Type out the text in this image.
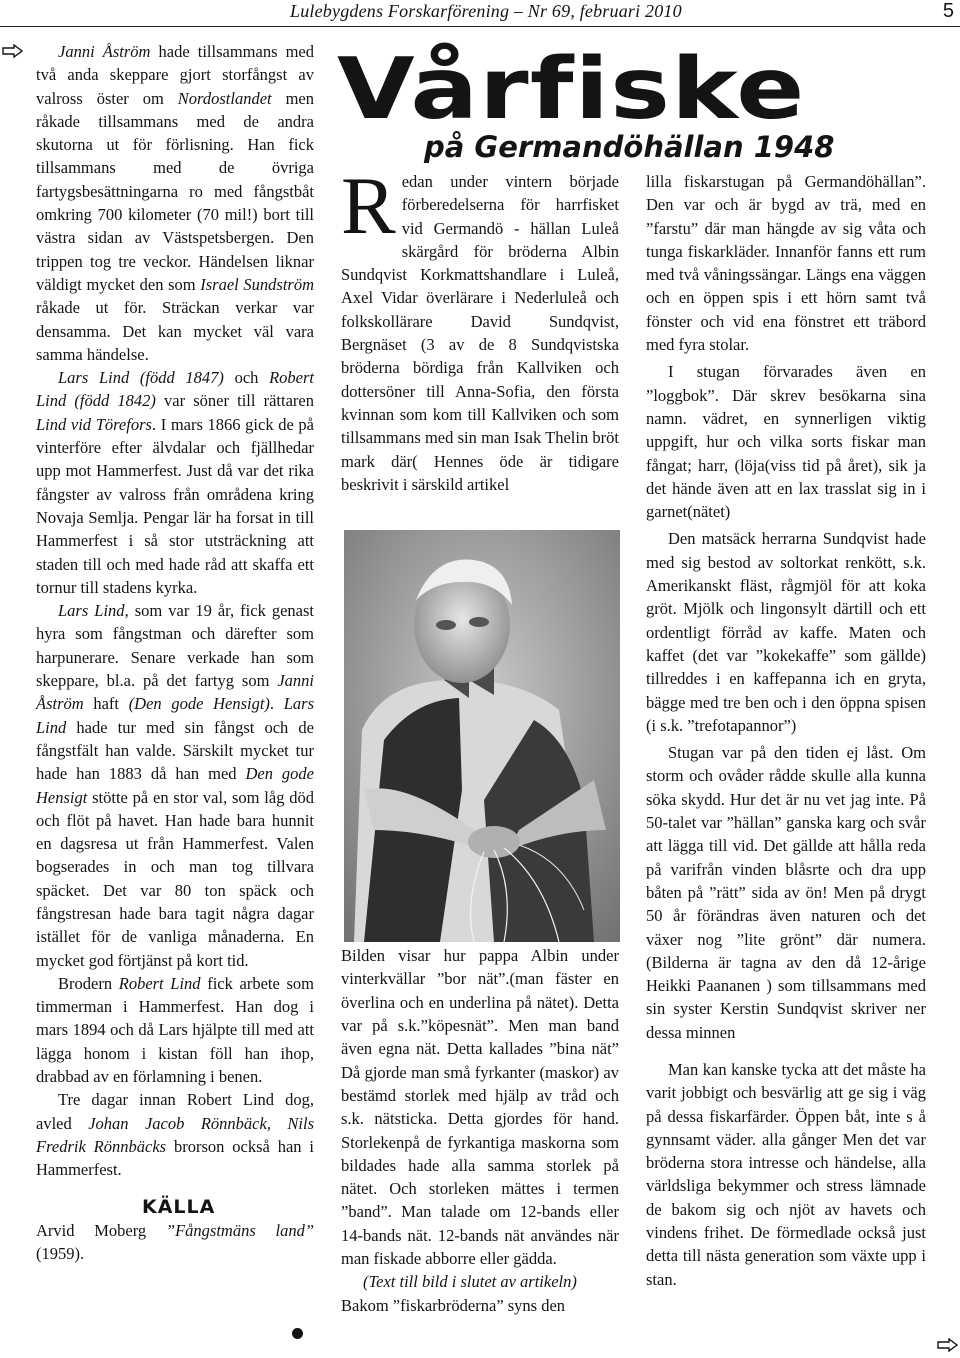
Lulebygdens Forskarförening – Nr 69, februari 2010	5

Janni Åström hade tillsammans med två anda skeppare gjort storfångst av valross öster om Nordostlandet men råkade tillsammans med de andra skutorna ut för förlisning. Han fick tillsammans med de övriga fartygsbesättningarna ro med fångstbåt omkring 700 kilometer (70 mil!) bort till västra sidan av Västspetsbergen. Den trippen tog tre veckor. Händelsen liknar väldigt mycket den som Israel Sundström råkade ut för. Sträckan verkar var densamma. Det kan mycket väl vara samma händelse.

Lars Lind (född 1847) och Robert Lind (född 1842) var söner till rättaren Lind vid Törefors. I mars 1866 gick de på vinterföre efter älvdalar och fjällhedar upp mot Hammerfest. Just då var det rika fångster av valross från områdena kring Novaja Semlja. Pengar lär ha forsat in till Hammerfest i så stor utsträckning att staden till och med hade råd att skaffa ett tornur till stadens kyrka.

Lars Lind, som var 19 år, fick genast hyra som fångstman och därefter som harpunerare. Senare verkade han som skeppare, bl.a. på det fartyg som Janni Åström haft (Den gode Hensigt). Lars Lind hade tur med sin fångst och de fångstfält han valde. Särskilt mycket tur hade han 1883 då han med Den gode Hensigt stötte på en stor val, som låg död och flöt på havet. Han hade bara hunnit en dagsresa ut från Hammerfest. Valen bogserades in och man tog tillvara späcket. Det var 80 ton späck och fångstresan hade bara tagit några dagar istället för de vanliga månaderna. En mycket god förtjänst på kort tid.

Brodern Robert Lind fick arbete som timmerman i Hammerfest. Han dog i mars 1894 och då Lars hjälpte till med att lägga honom i kistan föll han ihop, drabbad av en förlamning i benen.

Tre dagar innan Robert Lind dog, avled Johan Jacob Rönnbäck, Nils Fredrik Rönnbäcks brorson också han i Hammerfest.

KÄLLA

Arvid Moberg ”Fångstmäns land” (1959).

Vårfiske
på Germandöhällan 1948

Redan under vintern började förberedelserna för harrfisket vid Germandö - hällan Luleå skärgård för bröderna Albin Sundqvist Korkmattshandlare i Luleå, Axel Vidar överlärare i Nederluleå och folkskollärare David Sundqvist, Bergnäset (3 av de 8 Sundqvistska bröderna bördiga från Kallviken och dottersöner till Anna-Sofia, den första kvinnan som kom till Kallviken och som tillsammans med sin man Isak Thelin bröt mark där( Hennes öde är tidigare beskrivit i särskild artikel

Bilden visar hur pappa Albin under vinterkvällar ”bor nät”.(man fäster en överlina och en underlina på nätet). Detta var på s.k.”köpesnät”. Men man band även egna nät. Detta kallades ”bina nät” Då gjorde man små fyrkanter (maskor) av bestämd storlek med hjälp av tråd och s.k. nätsticka. Detta gjordes för hand. Storlekenpå de fyrkantiga maskorna som bildades hade alla samma storlek på nätet. Och storleken mättes i termen ”band”. Man talade om 12-bands eller 14-bands nät. 12-bands nät användes när man fiskade abborre eller gädda.

(Text till bild i slutet av artikeln)

Bakom ”fiskarbröderna” syns den

lilla fiskarstugan på Germandöhällan”. Den var och är bygd av trä, med en ”farstu” där man hängde av sig våta och tunga fiskarkläder. Innanför fanns ett rum med två våningssängar. Längs ena väggen och en öppen spis i ett hörn samt två fönster och vid ena fönstret ett träbord med fyra stolar.

I stugan förvarades även en ”loggbok”. Där skrev besökarna sina namn. vädret, en synnerligen viktig uppgift, hur och vilka sorts fiskar man fångat; harr, (löja(viss tid på året), sik ja det hände även att en lax trasslat sig in i garnet(nätet)

Den matsäck herrarna Sundqvist hade med sig bestod av soltorkat renkött, s.k. Amerikanskt fläst, rågmjöl för att koka gröt. Mjölk och lingonsylt därtill och ett ordentligt förråd av kaffe. Maten och kaffet (det var ”kokekaffe” som gällde) tillreddes i en kaffepanna ich en gryta, bägge med tre ben och i den öppna spisen (i s.k. ”trefotapannor”)

Stugan var på den tiden ej låst. Om storm och ovåder rådde skulle alla kunna söka skydd. Hur det är nu vet jag inte. På 50-talet var ”hällan” ganska karg och svår att lägga till vid. Det gällde att hålla reda på varifrån vinden blåsrte och dra upp båten på ”rätt” sida av ön! Men på drygt 50 år förändras även naturen och det växer nog ”lite grönt” där numera. (Bilderna är tagna av den då 12-årige Heikki Paananen ) som tillsammans med sin syster Kerstin Sundqvist skriver ner dessa minnen

Man kan kanske tycka att det måste ha varit jobbigt och besvärlig att ge sig i väg på dessa fiskarfärder. Öppen båt, inte s å gynnsamt väder. alla gånger Men det var bröderna stora intresse och händelse, alla världsliga bekymmer och stress lämnade de bakom sig och njöt av havets och vindens frihet. De förmedlade också just detta till nästa generation som växte upp i stan.
